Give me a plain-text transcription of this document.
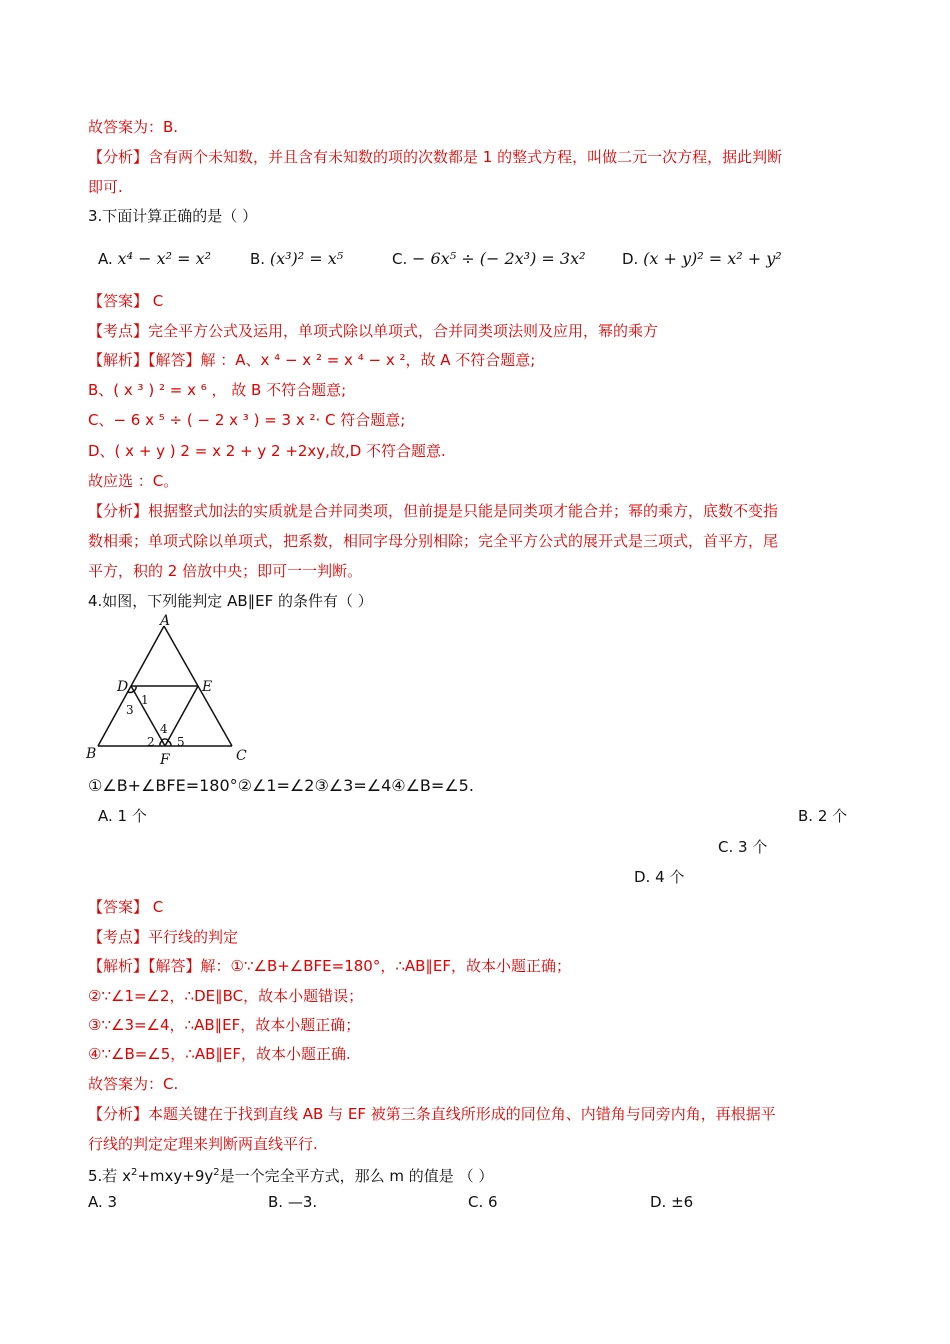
故答案为：B.
【分析】含有两个未知数，并且含有未知数的项的次数都是 1 的整式方程，叫做二元一次方程，据此判断
即可.
3.下面计算正确的是（ ）
A. x⁴ − x² = x²	B. (x³)² = x⁵	C. − 6x⁵ ÷ (− 2x³) = 3x² D. (x + y)² = x² + y²
【答案】 C
【考点】完全平方公式及运用，单项式除以单项式，合并同类项法则及应用，幂的乘方
【解析】【解答】解 ：A、x ⁴ − x ² = x ⁴ − x ²，故 A 不符合题意;
B、( x ³ ) ² = x ⁶ ， 故 B 不符合题意;
C、− 6 x ⁵ ÷ ( − 2 x ³ ) = 3 x ²· C 符合题意;
D、( x + y ) 2 = x 2 + y 2 +2xy,故,D 不符合题意.
故应选 ：C。
【分析】根据整式加法的实质就是合并同类项，但前提是只能是同类项才能合并；幂的乘方，底数不变指
数相乘；单项式除以单项式，把系数，相同字母分别相除；完全平方公式的展开式是三项式，首平方，尾
平方，积的 2 倍放中央；即可一一判断。
4.如图，下列能判定 AB∥EF 的条件有（ ）
A
B	C
D	E
F
1
2
3
4
5
①∠B+∠BFE=180°②∠1=∠2③∠3=∠4④∠B=∠5.
A. 1 个	B. 2 个
C. 3 个
D. 4 个
【答案】 C
【考点】平行线的判定
【解析】【解答】解：①∵∠B+∠BFE=180°，∴AB∥EF，故本小题正确；
②∵∠1=∠2，∴DE∥BC，故本小题错误；
③∵∠3=∠4，∴AB∥EF，故本小题正确；
④∵∠B=∠5，∴AB∥EF，故本小题正确.
故答案为：C.
【分析】本题关键在于找到直线 AB 与 EF 被第三条直线所形成的同位角、内错角与同旁内角，再根据平
行线的判定定理来判断两直线平行.
5.若 $x^2+mxy+9y^2$是一个完全平方式，那么 m 的值是 （ ）
A. 3	B. —3.	C. 6	D. ±6
